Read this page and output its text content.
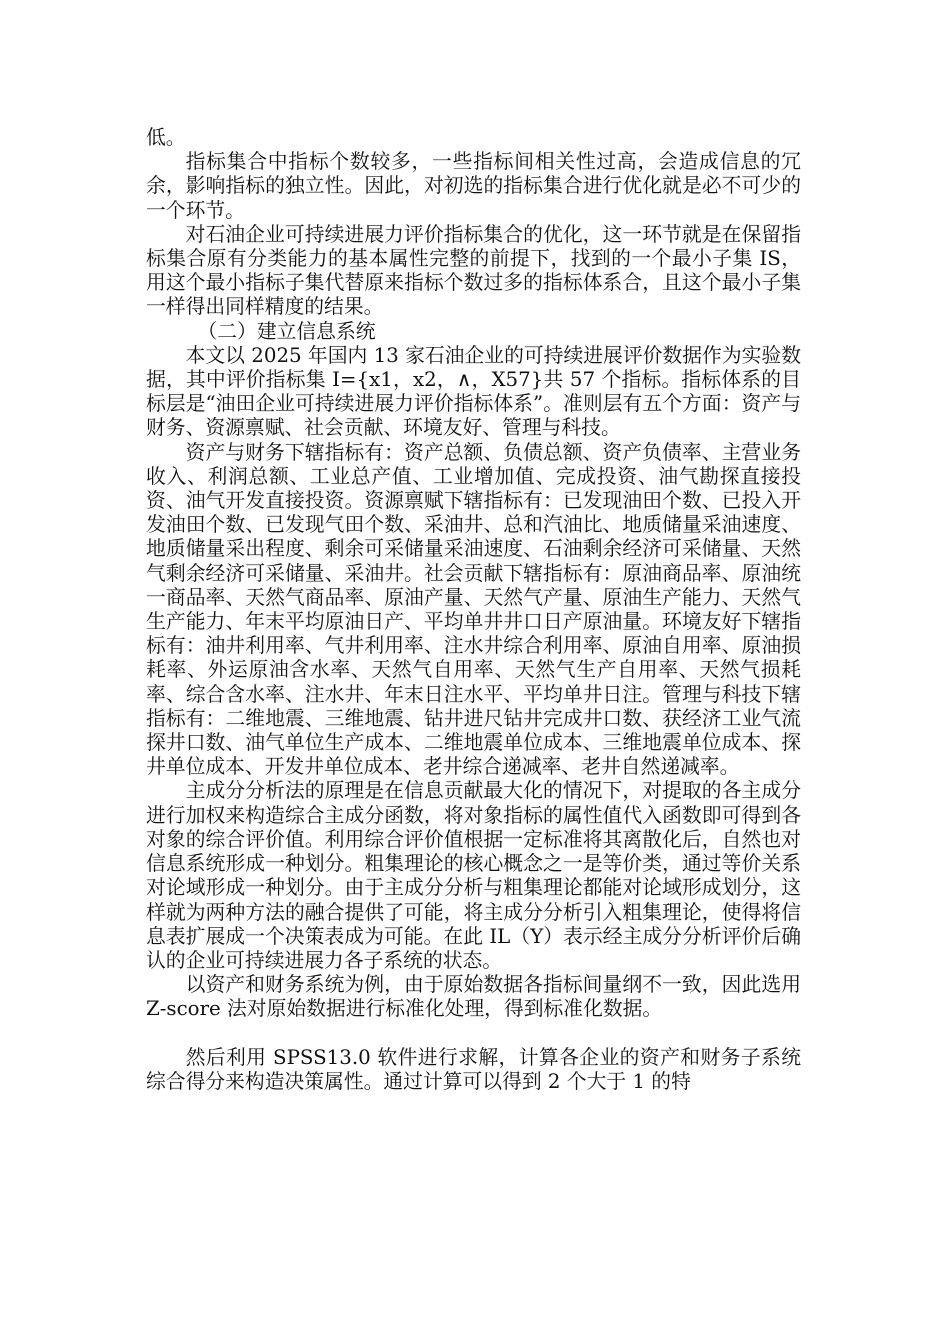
低。

指标集合中指标个数较多，一些指标间相关性过高，会造成信息的冗余，影响指标的独立性。因此，对初选的指标集合进行优化就是必不可少的一个环节。

对石油企业可持续进展力评价指标集合的优化，这一环节就是在保留指标集合原有分类能力的基本属性完整的前提下，找到的一个最小子集 IS，用这个最小指标子集代替原来指标个数过多的指标体系合，且这个最小子集一样得出同样精度的结果。

（二）建立信息系统

本文以 2025 年国内 13 家石油企业的可持续进展评价数据作为实验数据，其中评价指标集 I={x1，x2，∧，X57}共 57 个指标。指标体系的目标层是“油田企业可持续进展力评价指标体系”。准则层有五个方面：资产与财务、资源禀赋、社会贡献、环境友好、管理与科技。

资产与财务下辖指标有：资产总额、负债总额、资产负债率、主营业务收入、利润总额、工业总产值、工业增加值、完成投资、油气勘探直接投资、油气开发直接投资。资源禀赋下辖指标有：已发现油田个数、已投入开发油田个数、已发现气田个数、采油井、总和汽油比、地质储量采油速度、地质储量采出程度、剩余可采储量采油速度、石油剩余经济可采储量、天然气剩余经济可采储量、采油井。社会贡献下辖指标有：原油商品率、原油统一商品率、天然气商品率、原油产量、天然气产量、原油生产能力、天然气生产能力、年末平均原油日产、平均单井井口日产原油量。环境友好下辖指标有：油井利用率、气井利用率、注水井综合利用率、原油自用率、原油损耗率、外运原油含水率、天然气自用率、天然气生产自用率、天然气损耗率、综合含水率、注水井、年末日注水平、平均单井日注。管理与科技下辖指标有：二维地震、三维地震、钻井进尺钻井完成井口数、获经济工业气流探井口数、油气单位生产成本、二维地震单位成本、三维地震单位成本、探井单位成本、开发井单位成本、老井综合递减率、老井自然递减率。

主成分分析法的原理是在信息贡献最大化的情况下，对提取的各主成分进行加权来构造综合主成分函数，将对象指标的属性值代入函数即可得到各对象的综合评价值。利用综合评价值根据一定标准将其离散化后，自然也对信息系统形成一种划分。粗集理论的核心概念之一是等价类，通过等价关系对论域形成一种划分。由于主成分分析与粗集理论都能对论域形成划分，这样就为两种方法的融合提供了可能，将主成分分析引入粗集理论，使得将信息表扩展成一个决策表成为可能。在此 IL（Y）表示经主成分分析评价后确认的企业可持续进展力各子系统的状态。

以资产和财务系统为例，由于原始数据各指标间量纲不一致，因此选用 Z-score 法对原始数据进行标准化处理，得到标准化数据。

然后利用 SPSS13.0 软件进行求解，计算各企业的资产和财务子系统综合得分来构造决策属性。通过计算可以得到 2 个大于 1 的特
